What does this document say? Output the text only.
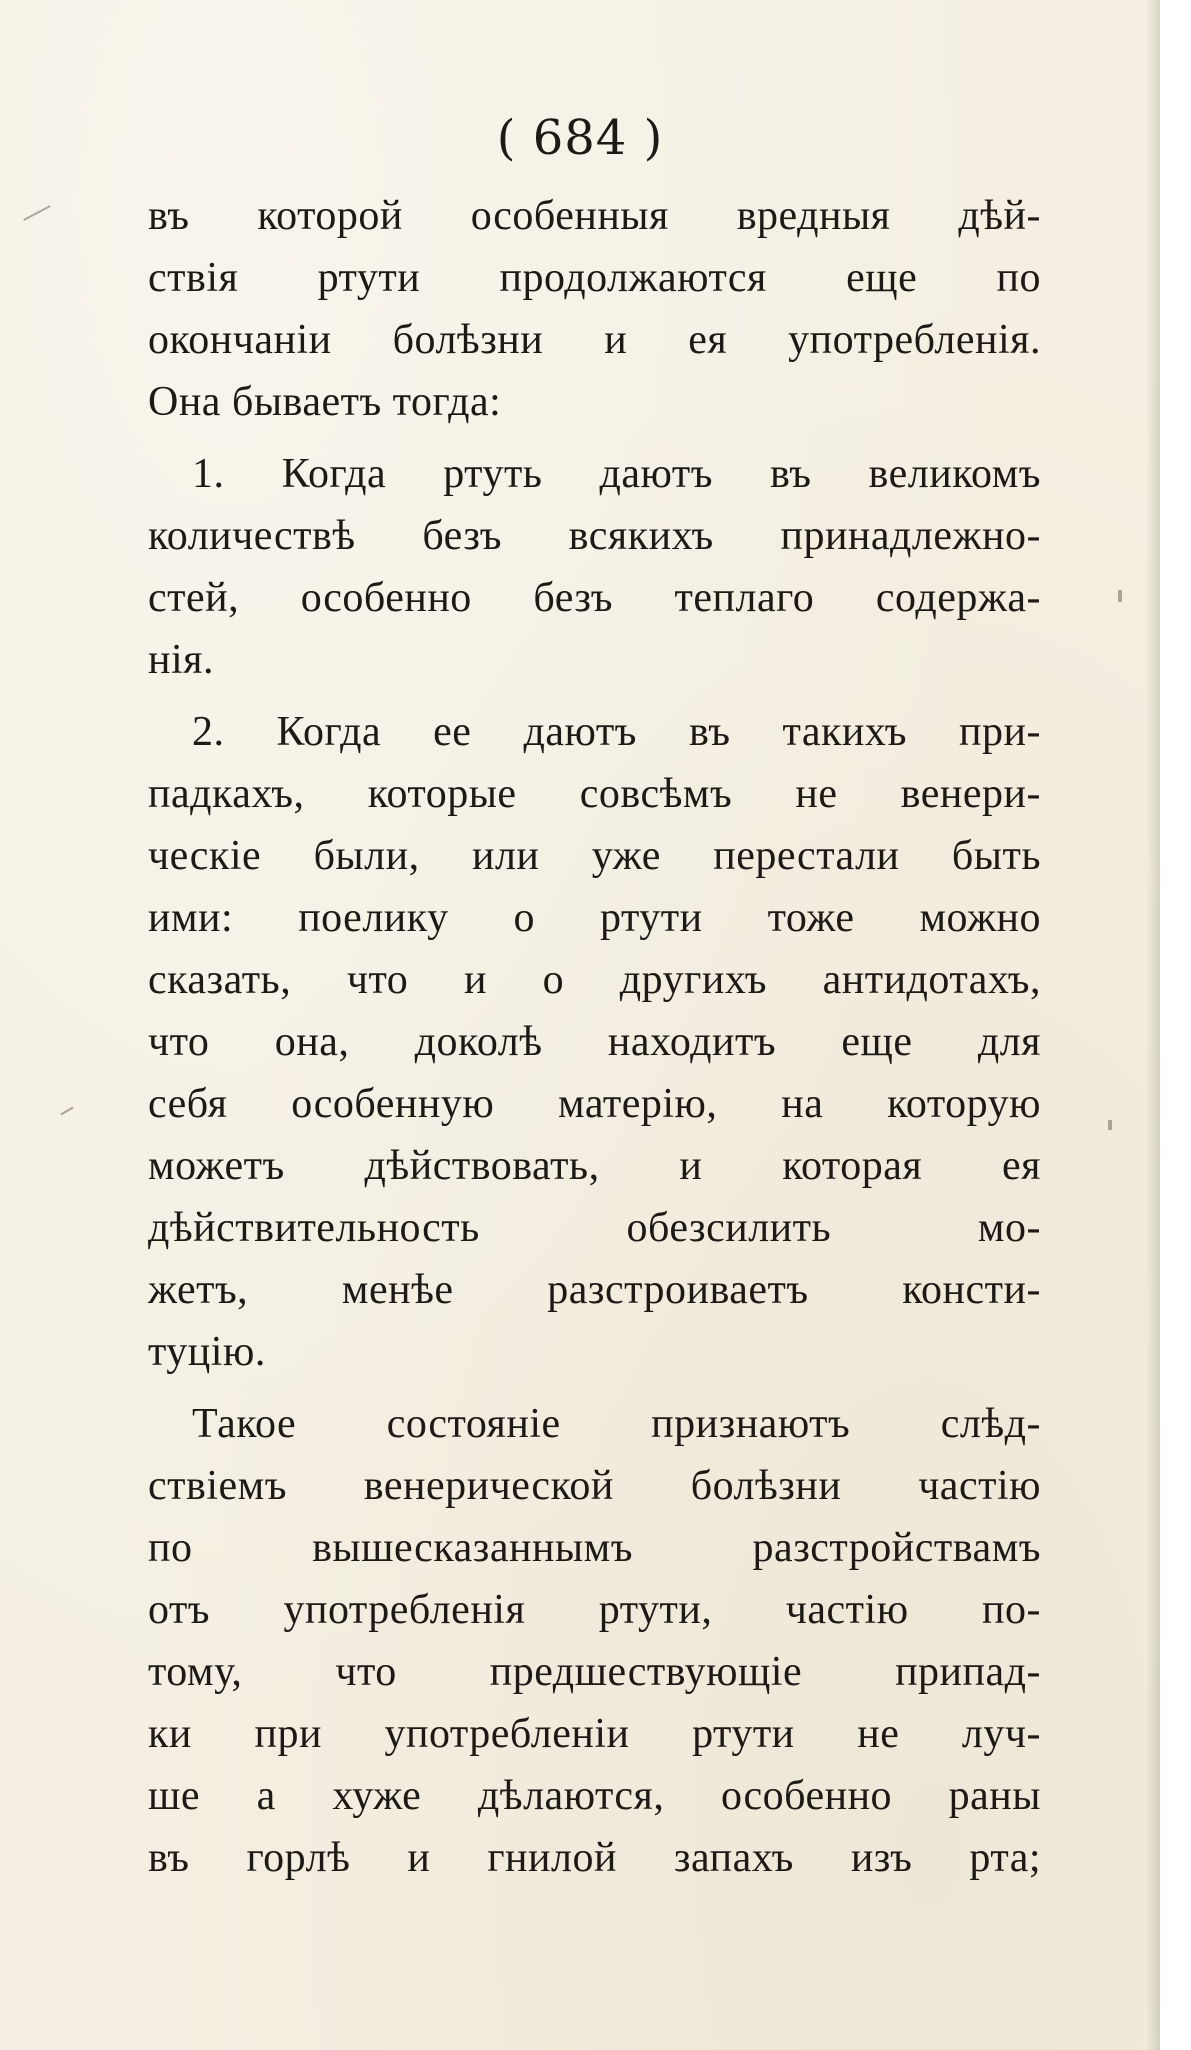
( 684 )
въ которой особенныя вредныя дѣй-
ствія ртути продолжаются еще по
окончаніи болѣзни и ея употребленія.
Она бываетъ тогда:
1. Когда ртуть даютъ въ великомъ
количествѣ безъ всякихъ принадлежно-
стей, особенно безъ теплаго содержа-
нія.
2. Когда ее даютъ въ такихъ при-
падкахъ, которые совсѣмъ не венери-
ческіе были, или уже перестали быть
ими: поелику о ртути тоже можно
сказать, что и о другихъ антидотахъ,
что она, доколѣ находитъ еще для
себя особенную матерію, на которую
можетъ дѣйствовать, и которая ея
дѣйствительность обезсилить мо-
жетъ, менѣе разстроиваетъ консти-
туцію.
Такое состояніе признаютъ слѣд-
ствіемъ венерической болѣзни частію
по вышесказаннымъ разстройствамъ
отъ употребленія ртути, частію по-
тому, что предшествующіе припад-
ки при употребленіи ртути не луч-
ше а хуже дѣлаются, особенно раны
въ горлѣ и гнилой запахъ изъ рта;
